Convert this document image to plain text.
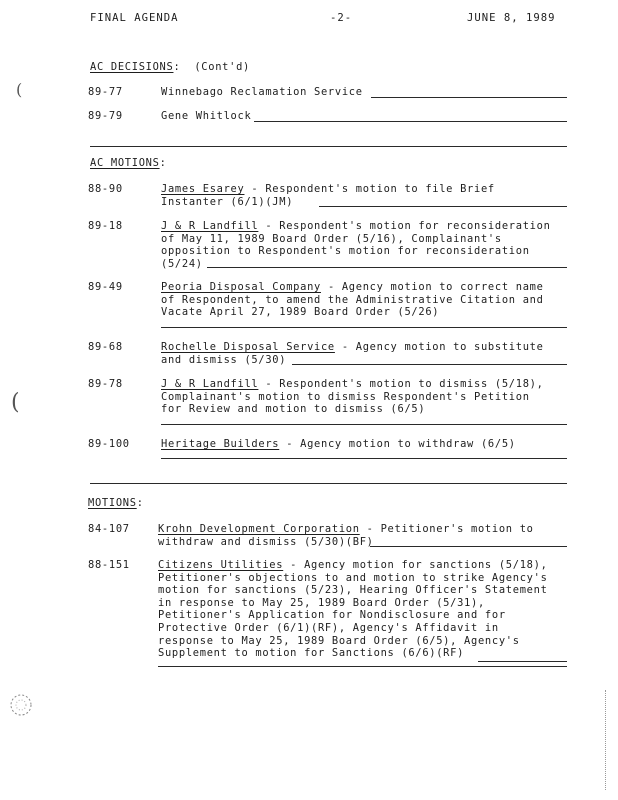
FINAL AGENDA	-2-	JUNE 8, 1989
AC DECISIONS:  (Cont'd)
89-77	Winnebago Reclamation Service
89-79	Gene Whitlock
AC MOTIONS:
88-90	James Esarey - Respondent's motion to file Brief
Instanter (6/1)(JM)
89-18	J & R Landfill - Respondent's motion for reconsideration
of May 11, 1989 Board Order (5/16), Complainant's
opposition to Respondent's motion for reconsideration
(5/24)
89-49	Peoria Disposal Company - Agency motion to correct name
of Respondent, to amend the Administrative Citation and
Vacate April 27, 1989 Board Order (5/26)
89-68	Rochelle Disposal Service - Agency motion to substitute
and dismiss (5/30)
89-78	J & R Landfill - Respondent's motion to dismiss (5/18),
Complainant's motion to dismiss Respondent's Petition
for Review and motion to dismiss (6/5)
89-100	Heritage Builders - Agency motion to withdraw (6/5)
MOTIONS:
84-107	Krohn Development Corporation - Petitioner's motion to
withdraw and dismiss (5/30)(BF)
88-151	Citizens Utilities - Agency motion for sanctions (5/18),
Petitioner's objections to and motion to strike Agency's
motion for sanctions (5/23), Hearing Officer's Statement
in response to May 25, 1989 Board Order (5/31),
Petitioner's Application for Nondisclosure and for
Protective Order (6/1)(RF), Agency's Affidavit in
response to May 25, 1989 Board Order (6/5), Agency's
Supplement to motion for Sanctions (6/6)(RF)
(
(
